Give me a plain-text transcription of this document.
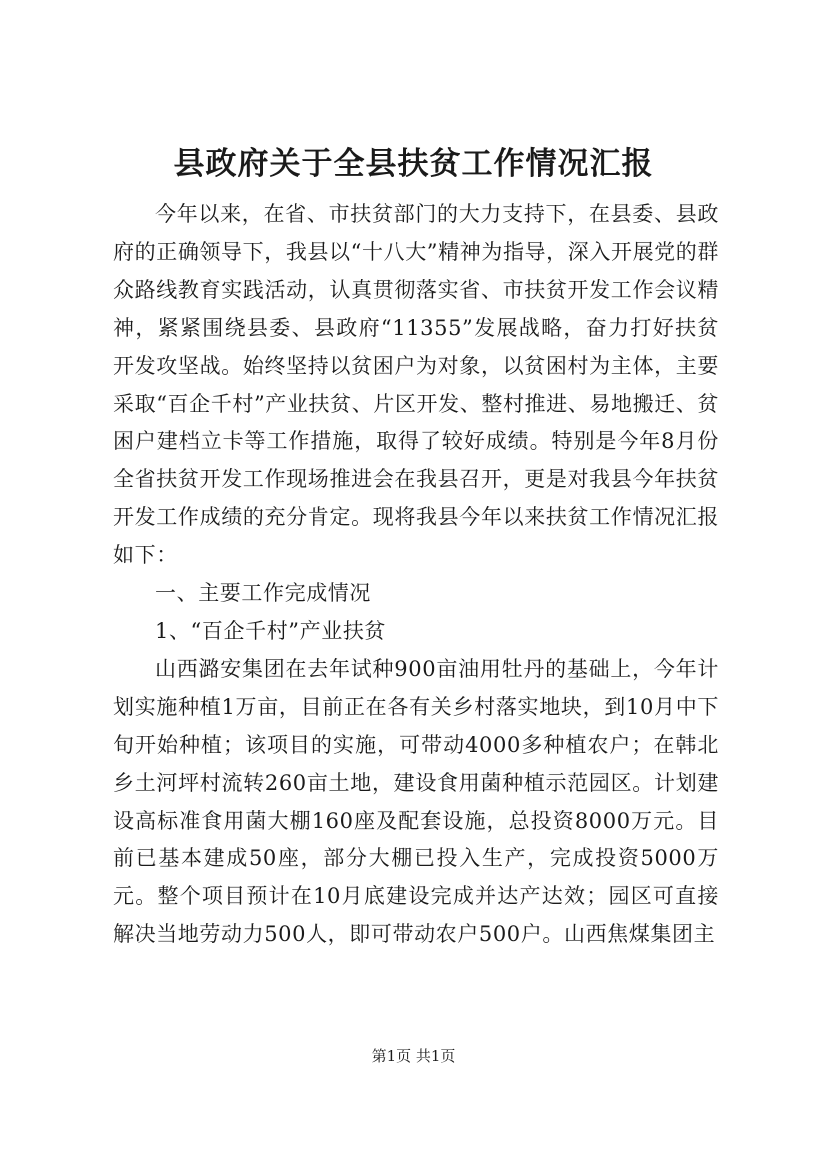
县政府关于全县扶贫工作情况汇报

今年以来，在省、市扶贫部门的大力支持下，在县委、县政府的正确领导下，我县以“十八大”精神为指导，深入开展党的群众路线教育实践活动，认真贯彻落实省、市扶贫开发工作会议精神，紧紧围绕县委、县政府“11355”发展战略，奋力打好扶贫开发攻坚战。始终坚持以贫困户为对象，以贫困村为主体，主要采取“百企千村”产业扶贫、片区开发、整村推进、易地搬迁、贫困户建档立卡等工作措施，取得了较好成绩。特别是今年8月份全省扶贫开发工作现场推进会在我县召开，更是对我县今年扶贫开发工作成绩的充分肯定。现将我县今年以来扶贫工作情况汇报如下：

一、主要工作完成情况

1、“百企千村”产业扶贫

山西潞安集团在去年试种900亩油用牡丹的基础上，今年计划实施种植1万亩，目前正在各有关乡村落实地块，到10月中下旬开始种植；该项目的实施，可带动4000多种植农户；在韩北乡土河坪村流转260亩土地，建设食用菌种植示范园区。计划建设高标准食用菌大棚160座及配套设施，总投资8000万元。目前已基本建成50座，部分大棚已投入生产，完成投资5000万元。整个项目预计在10月底建设完成并达产达效；园区可直接解决当地劳动力500人，即可带动农户500户。山西焦煤集团主

第1页 共1页
